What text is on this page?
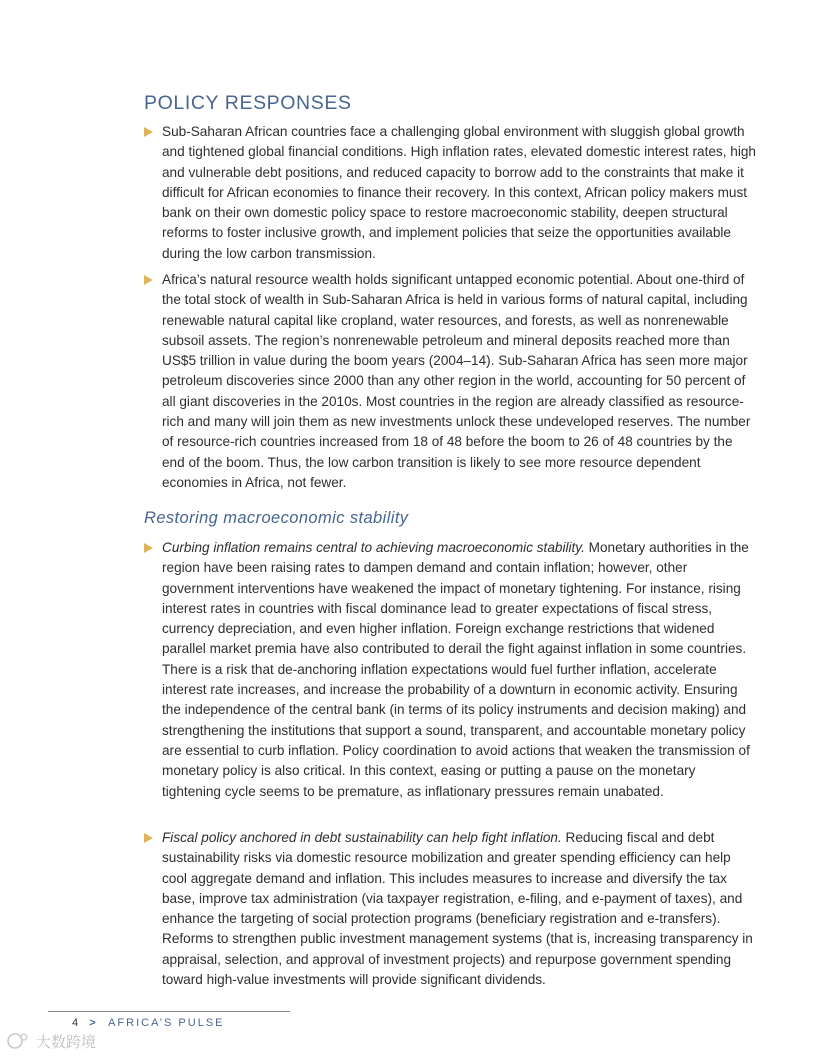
POLICY RESPONSES

Sub-Saharan African countries face a challenging global environment with sluggish global growth and tightened global financial conditions. High inflation rates, elevated domestic interest rates, high and vulnerable debt positions, and reduced capacity to borrow add to the constraints that make it difficult for African economies to finance their recovery. In this context, African policy makers must bank on their own domestic policy space to restore macroeconomic stability, deepen structural reforms to foster inclusive growth, and implement policies that seize the opportunities available during the low carbon transmission.

Africa’s natural resource wealth holds significant untapped economic potential. About one-third of the total stock of wealth in Sub-Saharan Africa is held in various forms of natural capital, including renewable natural capital like cropland, water resources, and forests, as well as nonrenewable subsoil assets. The region’s nonrenewable petroleum and mineral deposits reached more than US$5 trillion in value during the boom years (2004–14). Sub-Saharan Africa has seen more major petroleum discoveries since 2000 than any other region in the world, accounting for 50 percent of all giant discoveries in the 2010s. Most countries in the region are already classified as resource-rich and many will join them as new investments unlock these undeveloped reserves. The number of resource-rich countries increased from 18 of 48 before the boom to 26 of 48 countries by the end of the boom. Thus, the low carbon transition is likely to see more resource dependent economies in Africa, not fewer.

Restoring macroeconomic stability

Curbing inflation remains central to achieving macroeconomic stability. Monetary authorities in the region have been raising rates to dampen demand and contain inflation; however, other government interventions have weakened the impact of monetary tightening. For instance, rising interest rates in countries with fiscal dominance lead to greater expectations of fiscal stress, currency depreciation, and even higher inflation. Foreign exchange restrictions that widened parallel market premia have also contributed to derail the fight against inflation in some countries. There is a risk that de-anchoring inflation expectations would fuel further inflation, accelerate interest rate increases, and increase the probability of a downturn in economic activity. Ensuring the independence of the central bank (in terms of its policy instruments and decision making) and strengthening the institutions that support a sound, transparent, and accountable monetary policy are essential to curb inflation. Policy coordination to avoid actions that weaken the transmission of monetary policy is also critical. In this context, easing or putting a pause on the monetary tightening cycle seems to be premature, as inflationary pressures remain unabated.

Fiscal policy anchored in debt sustainability can help fight inflation. Reducing fiscal and debt sustainability risks via domestic resource mobilization and greater spending efficiency can help cool aggregate demand and inflation. This includes measures to increase and diversify the tax base, improve tax administration (via taxpayer registration, e-filing, and e-payment of taxes), and enhance the targeting of social protection programs (beneficiary registration and e-transfers). Reforms to strengthen public investment management systems (that is, increasing transparency in appraisal, selection, and approval of investment projects) and repurpose government spending toward high-value investments will provide significant dividends.

4 > AFRICA’S PULSE
大数跨境
